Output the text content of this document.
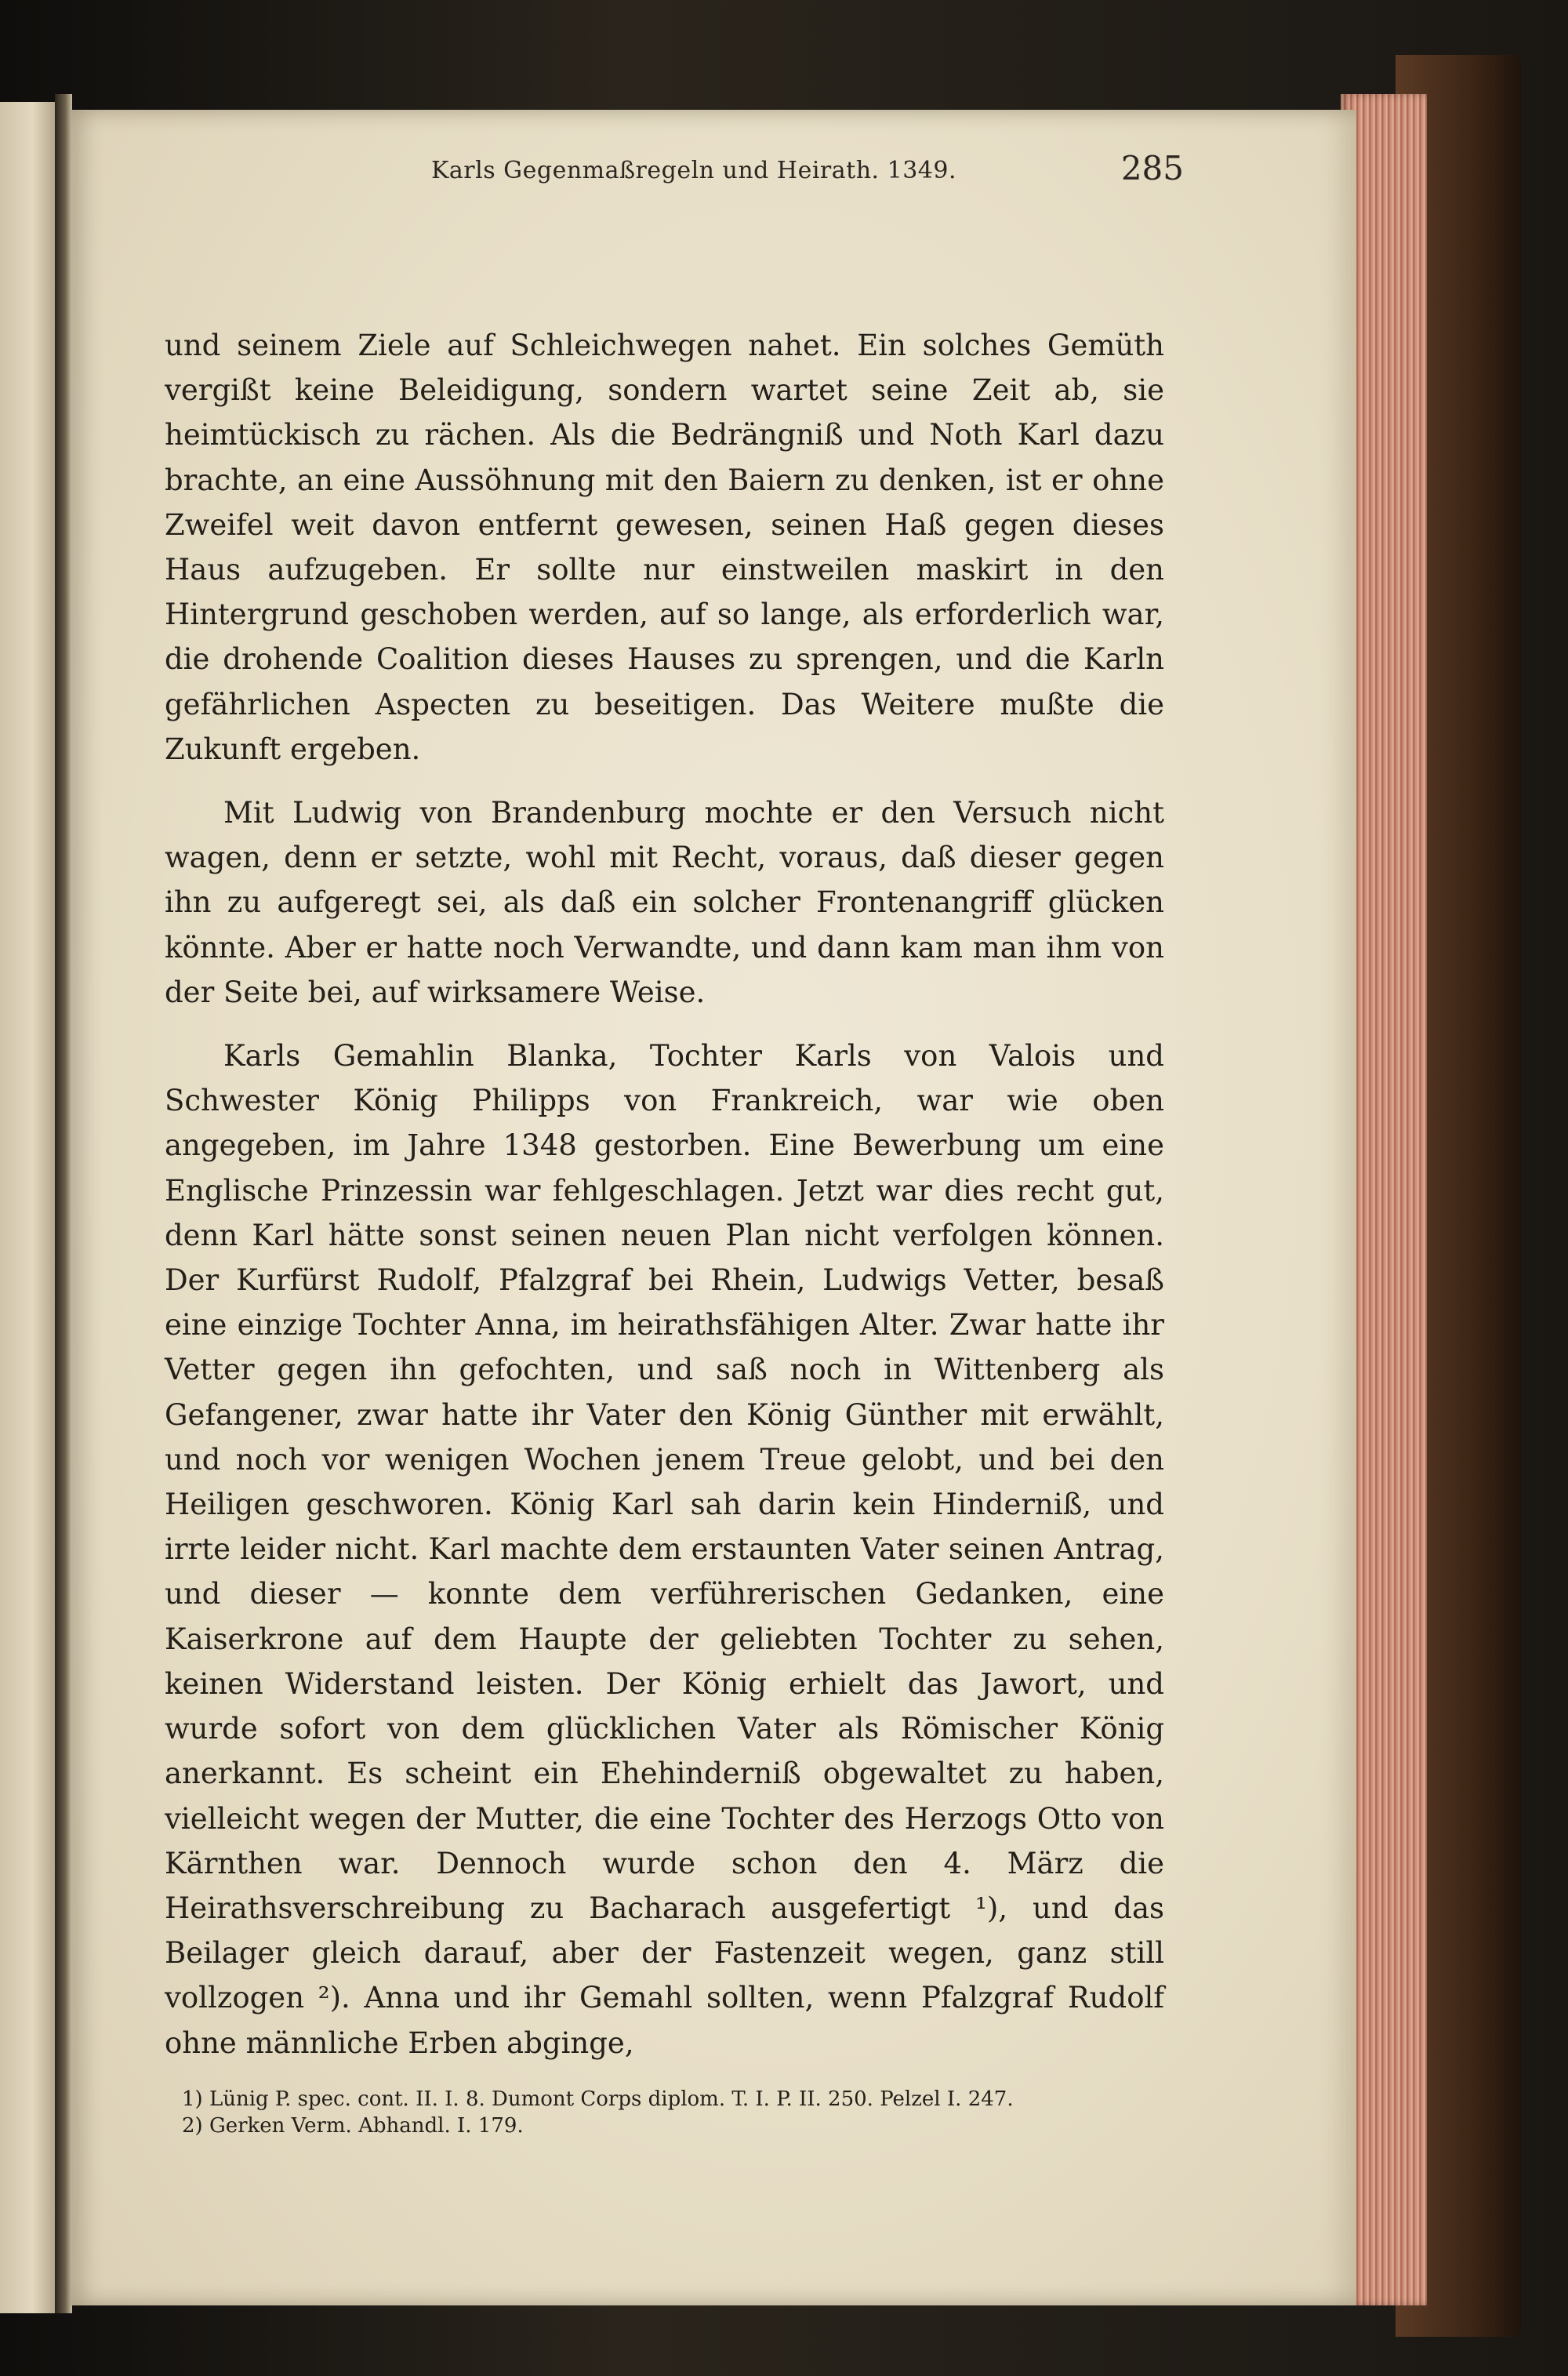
Karls Gegenmaßregeln und Heirath. 1349.	285

und seinem Ziele auf Schleichwegen nahet. Ein solches Gemüth vergißt keine Beleidigung, sondern wartet seine Zeit ab, sie heimtückisch zu rächen. Als die Bedrängniß und Noth Karl dazu brachte, an eine Aussöhnung mit den Baiern zu denken, ist er ohne Zweifel weit davon entfernt gewesen, seinen Haß gegen dieses Haus aufzugeben. Er sollte nur einstweilen maskirt in den Hintergrund geschoben werden, auf so lange, als erforderlich war, die drohende Coalition dieses Hauses zu sprengen, und die Karln gefährlichen Aspecten zu beseitigen. Das Weitere mußte die Zukunft ergeben.

Mit Ludwig von Brandenburg mochte er den Versuch nicht wagen, denn er setzte, wohl mit Recht, voraus, daß dieser gegen ihn zu aufgeregt sei, als daß ein solcher Frontenangriff glücken könnte. Aber er hatte noch Verwandte, und dann kam man ihm von der Seite bei, auf wirksamere Weise.

Karls Gemahlin Blanka, Tochter Karls von Valois und Schwester König Philipps von Frankreich, war wie oben angegeben, im Jahre 1348 gestorben. Eine Bewerbung um eine Englische Prinzessin war fehlgeschlagen. Jetzt war dies recht gut, denn Karl hätte sonst seinen neuen Plan nicht verfolgen können. Der Kurfürst Rudolf, Pfalzgraf bei Rhein, Ludwigs Vetter, besaß eine einzige Tochter Anna, im heirathsfähigen Alter. Zwar hatte ihr Vetter gegen ihn gefochten, und saß noch in Wittenberg als Gefangener, zwar hatte ihr Vater den König Günther mit erwählt, und noch vor wenigen Wochen jenem Treue gelobt, und bei den Heiligen geschworen. König Karl sah darin kein Hinderniß, und irrte leider nicht. Karl machte dem erstaunten Vater seinen Antrag, und dieser — konnte dem verführerischen Gedanken, eine Kaiserkrone auf dem Haupte der geliebten Tochter zu sehen, keinen Widerstand leisten. Der König erhielt das Jawort, und wurde sofort von dem glücklichen Vater als Römischer König anerkannt. Es scheint ein Ehehinderniß obgewaltet zu haben, vielleicht wegen der Mutter, die eine Tochter des Herzogs Otto von Kärnthen war. Dennoch wurde schon den 4. März die Heirathsverschreibung zu Bacharach ausgefertigt ¹), und das Beilager gleich darauf, aber der Fastenzeit wegen, ganz still vollzogen ²). Anna und ihr Gemahl sollten, wenn Pfalzgraf Rudolf ohne männliche Erben abginge,

1) Lünig P. spec. cont. II. I. 8. Dumont Corps diplom. T. I. P. II. 250. Pelzel I. 247.

2) Gerken Verm. Abhandl. I. 179.
